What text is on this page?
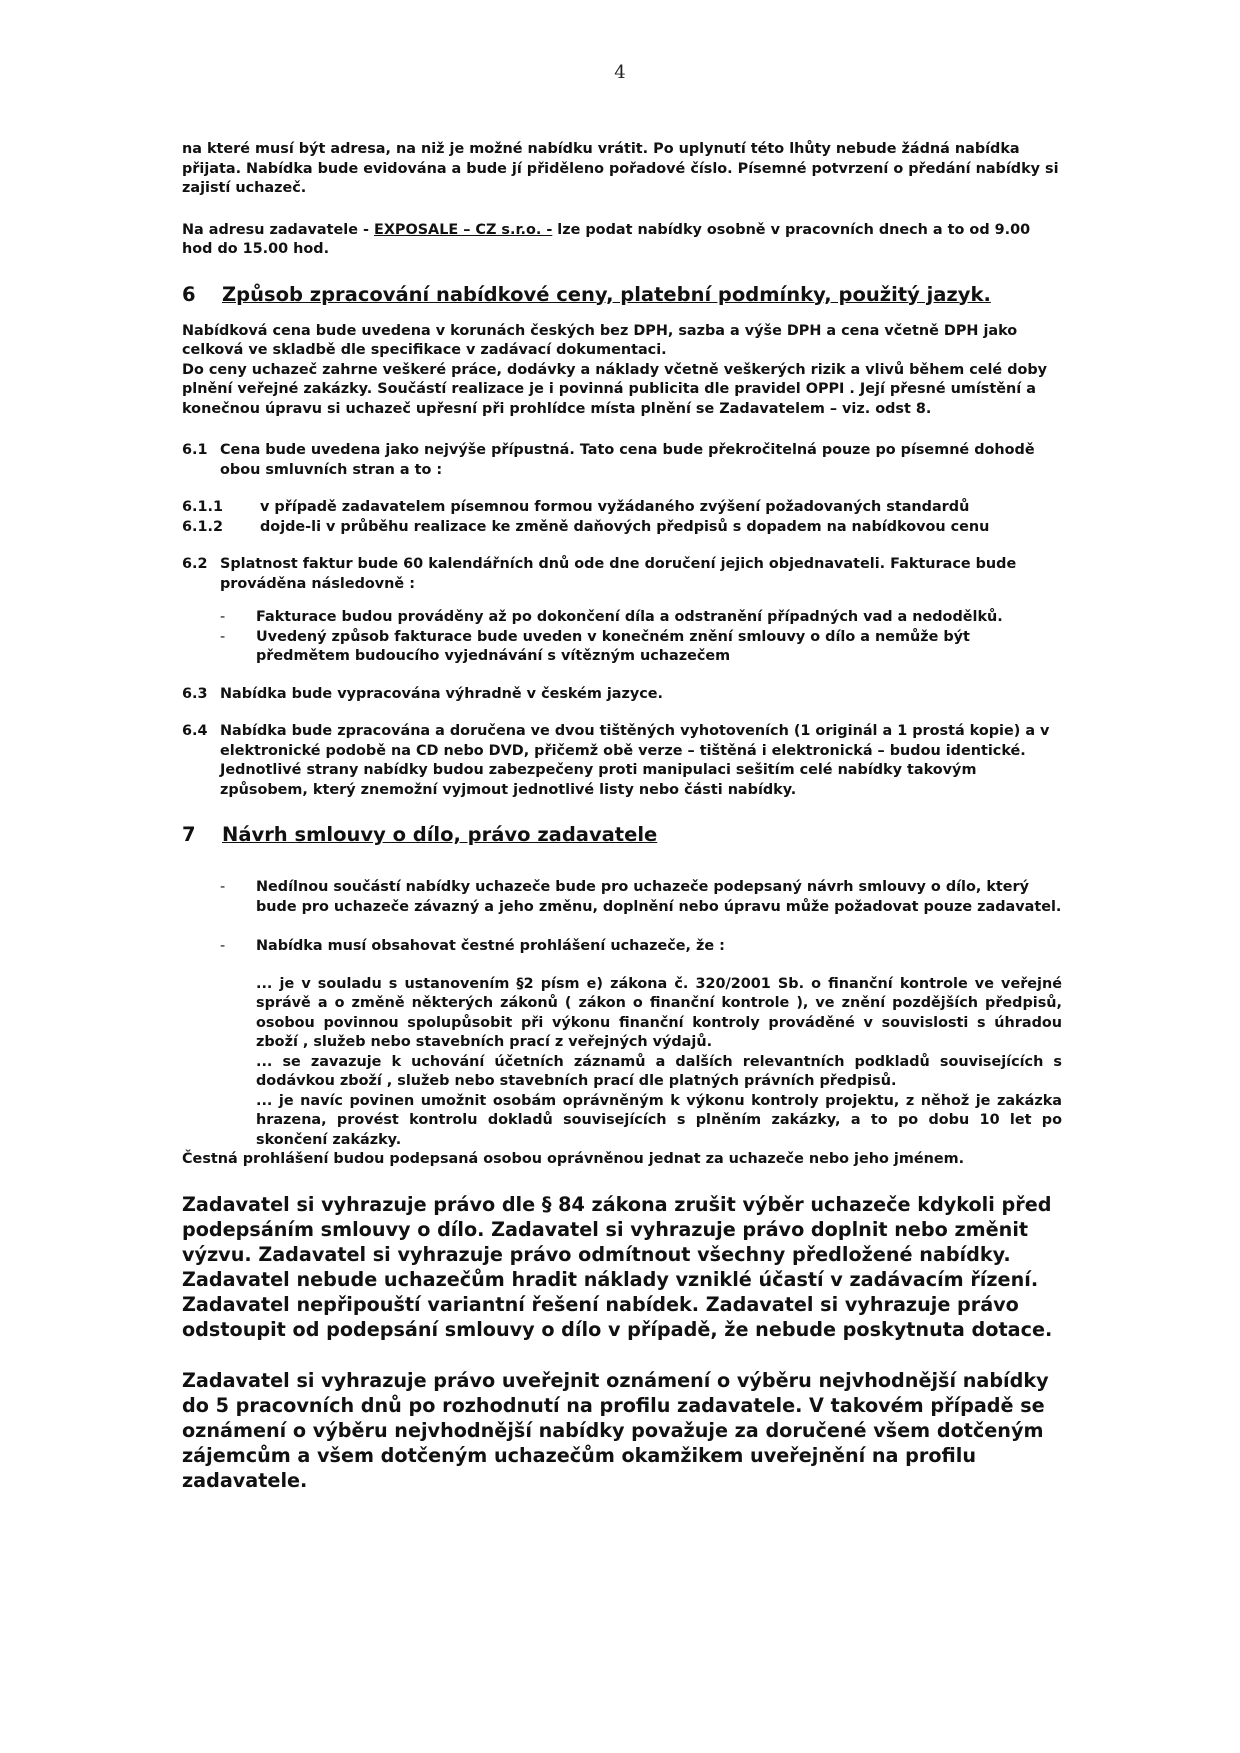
4

na které musí být adresa, na niž je možné nabídku vrátit. Po uplynutí této lhůty nebude žádná nabídka přijata. Nabídka bude evidována a bude jí přiděleno pořadové číslo. Písemné potvrzení o předání nabídky si zajistí uchazeč.

Na adresu zadavatele - EXPOSALE – CZ s.r.o. - lze podat nabídky osobně v pracovních dnech a to od 9.00 hod do 15.00 hod.

6	Způsob zpracování nabídkové ceny, platební podmínky, použitý jazyk.

Nabídková cena bude uvedena v korunách českých bez DPH, sazba a výše DPH a cena včetně DPH jako celková ve skladbě dle specifikace v zadávací dokumentaci.

Do ceny uchazeč zahrne veškeré práce, dodávky a náklady včetně veškerých rizik a vlivů během celé doby plnění veřejné zakázky. Součástí realizace je i povinná publicita dle pravidel OPPI . Její přesné umístění a konečnou úpravu si uchazeč upřesní při prohlídce místa plnění se Zadavatelem – viz. odst 8.

6.1 Cena bude uvedena jako nejvýše přípustná. Tato cena bude překročitelná pouze po písemné dohodě obou smluvních stran a to :
6.1.1	v případě zadavatelem písemnou formou vyžádaného zvýšení požadovaných standardů
6.1.2	dojde-li v průběhu realizace ke změně daňových předpisů s dopadem na nabídkovou cenu
6.2 Splatnost faktur bude 60 kalendářních dnů ode dne doručení jejich objednavateli. Fakturace bude prováděna následovně :
-	Fakturace budou prováděny až po dokončení díla a odstranění případných vad a nedodělků.
-	Uvedený způsob fakturace bude uveden v konečném znění smlouvy o dílo a nemůže být předmětem budoucího vyjednávání s vítězným uchazečem
6.3 Nabídka bude vypracována výhradně v českém jazyce.
6.4 Nabídka bude zpracována a doručena ve dvou tištěných vyhotoveních (1 originál a 1 prostá kopie) a v elektronické podobě na CD nebo DVD, přičemž obě verze – tištěná i elektronická – budou identické. Jednotlivé strany nabídky budou zabezpečeny proti manipulaci sešitím celé nabídky takovým způsobem, který znemožní vyjmout jednotlivé listy nebo části nabídky.
7	Návrh smlouvy o dílo, právo zadavatele
-	Nedílnou součástí nabídky uchazeče bude pro uchazeče podepsaný návrh smlouvy o dílo, který bude pro uchazeče závazný a jeho změnu, doplnění nebo úpravu může požadovat pouze zadavatel.
-	Nabídka musí obsahovat čestné prohlášení uchazeče, že :

... je v souladu s ustanovením §2 písm e) zákona č. 320/2001 Sb. o finanční kontrole ve veřejné správě a o změně některých zákonů ( zákon o finanční kontrole ), ve znění pozdějších předpisů, osobou povinnou spolupůsobit při výkonu finanční kontroly prováděné v souvislosti s úhradou zboží , služeb nebo stavebních prací z veřejných výdajů.

... se zavazuje k uchování účetních záznamů a dalších relevantních podkladů souvisejících s dodávkou zboží , služeb nebo stavebních prací dle platných právních předpisů.

... je navíc povinen umožnit osobám oprávněným k výkonu kontroly projektu, z něhož je zakázka hrazena, provést kontrolu dokladů souvisejících s plněním zakázky, a to po dobu 10 let po skončení zakázky.

Čestná prohlášení budou podepsaná osobou oprávněnou jednat za uchazeče nebo jeho jménem.

Zadavatel si vyhrazuje právo dle § 84 zákona zrušit výběr uchazeče kdykoli před podepsáním smlouvy o dílo. Zadavatel si vyhrazuje právo doplnit nebo změnit výzvu. Zadavatel si vyhrazuje právo odmítnout všechny předložené nabídky. Zadavatel nebude uchazečům hradit náklady vzniklé účastí v zadávacím řízení. Zadavatel nepřipouští variantní řešení nabídek. Zadavatel si vyhrazuje právo odstoupit od podepsání smlouvy o dílo v případě, že nebude poskytnuta dotace.

Zadavatel si vyhrazuje právo uveřejnit oznámení o výběru nejvhodnější nabídky do 5 pracovních dnů po rozhodnutí na profilu zadavatele. V takovém případě se oznámení o výběru nejvhodnější nabídky považuje za doručené všem dotčeným zájemcům a všem dotčeným uchazečům okamžikem uveřejnění na profilu zadavatele.
